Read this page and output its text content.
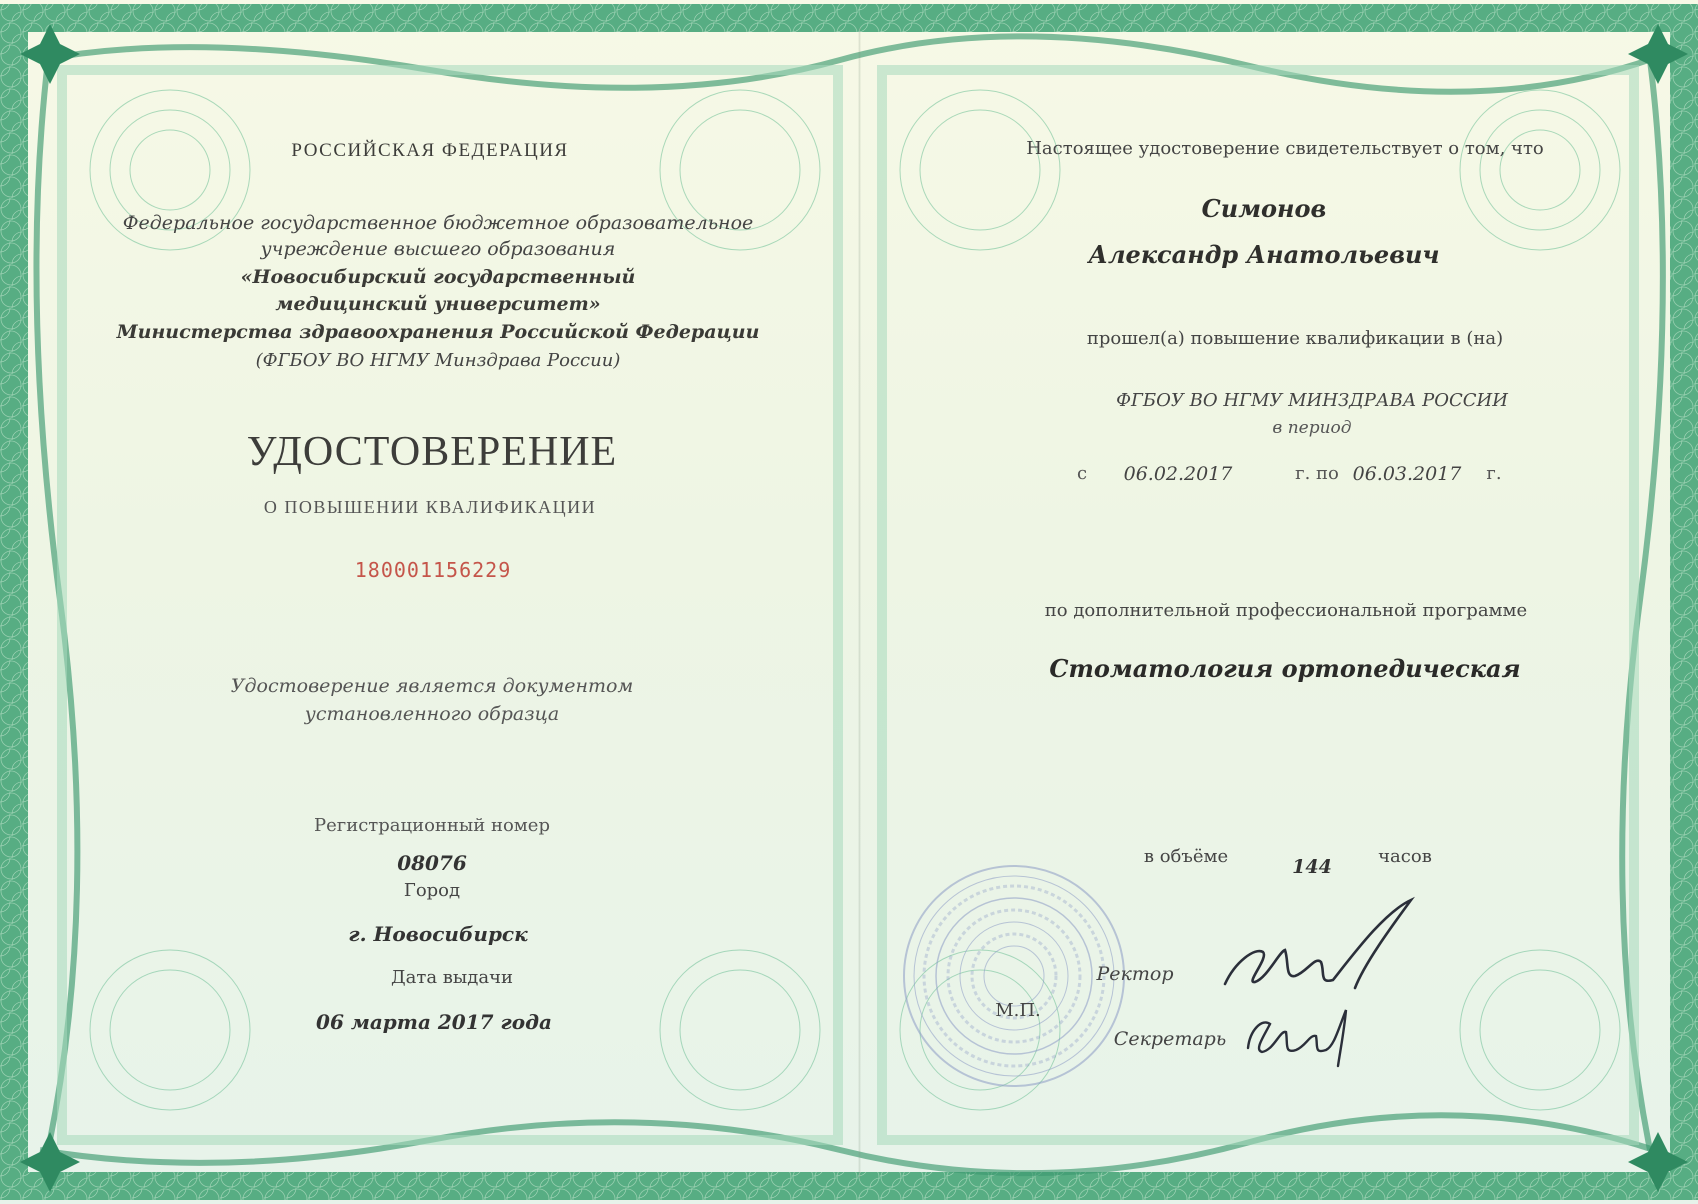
РОССИЙСКАЯ ФЕДЕРАЦИЯ
Федеральное государственное бюджетное образовательное
учреждение высшего образования
«Новосибирский государственный
медицинский университет»
Министерства здравоохранения Российской Федерации
(ФГБОУ ВО НГМУ Минздрава России)
УДОСТОВЕРЕНИЕ
О ПОВЫШЕНИИ КВАЛИФИКАЦИИ
180001156229
Удостоверение является документом
установленного образца
Регистрационный номер
08076
Город
г. Новосибирск
Дата выдачи
06 марта 2017 года
Настоящее удостоверение свидетельствует о том, что
Симонов
Александр Анатольевич
прошел(а) повышение квалификации в (на)
ФГБОУ ВО НГМУ МИНЗДРАВА РОССИИ
в период
с 06.02.2017	г. по 06.03.2017 г.
по дополнительной профессиональной программе
Стоматология ортопедическая
в объёме	144	часов
М.П.
Ректор
Секретарь
